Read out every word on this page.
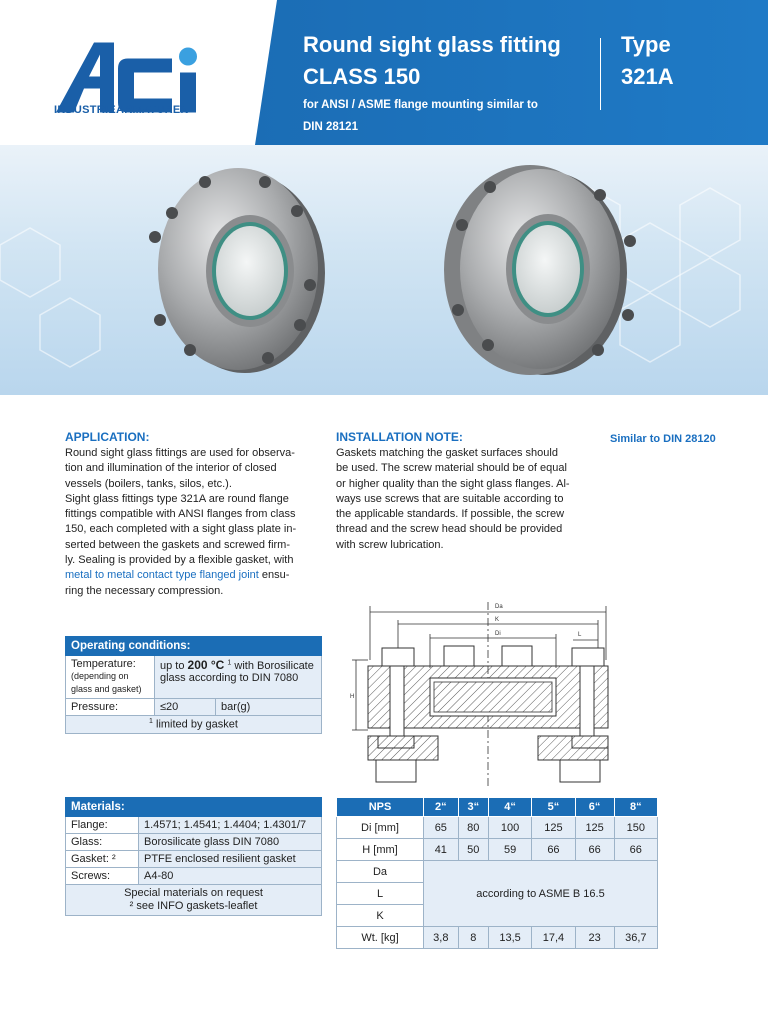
INDUSTRIEARMATUREN
Round sight glass fitting
CLASS 150
for ANSI / ASME flange mounting similar to
DIN 28121
Type
321A
APPLICATION:
Round sight glass fittings are used for observa-
tion and illumination of the interior of closed
vessels (boilers, tanks, silos, etc.).
Sight glass fittings type 321A are round flange
fittings compatible with ANSI flanges from class
150, each completed with a sight glass plate in-
serted between the gaskets and screwed firm-
ly. Sealing is provided by a flexible gasket, with
metal to metal contact type flanged joint ensu-
ring the necessary compression.
INSTALLATION NOTE:
Gaskets matching the gasket surfaces should
be used. The screw material should be of equal
or higher quality than the sight glass flanges. Al-
ways use screws that are suitable according to
the applicable standards. If possible, the screw
thread and the screw head should be provided
with screw lubrication.
Similar to DIN 28120
Da
K
Di	L
H
Operating conditions:		

Temperature:
(depending on glass and gasket)	up to 200 °C $^1$ with Borosilicate glass according to DIN 7080	
Pressure:	≤20	bar(g)
$^1$ limited by gasket		
Materials:	
Flange:	1.4571; 1.4541; 1.4404; 1.4301/7
Glass:	Borosilicate glass DIN 7080
Gasket: ²	PTFE enclosed resilient gasket
Screws:	A4-80

Special materials on request
² see INFO gaskets-leaflet	
NPS	2“	3“	4“	5“	6“	8“
Di [mm]	65	80	100	125	125	150
H [mm]	41	50	59	66	66	66
Da	according to ASME B 16.5					
L						
K						
Wt. [kg]	3,8	8	13,5	17,4	23	36,7
